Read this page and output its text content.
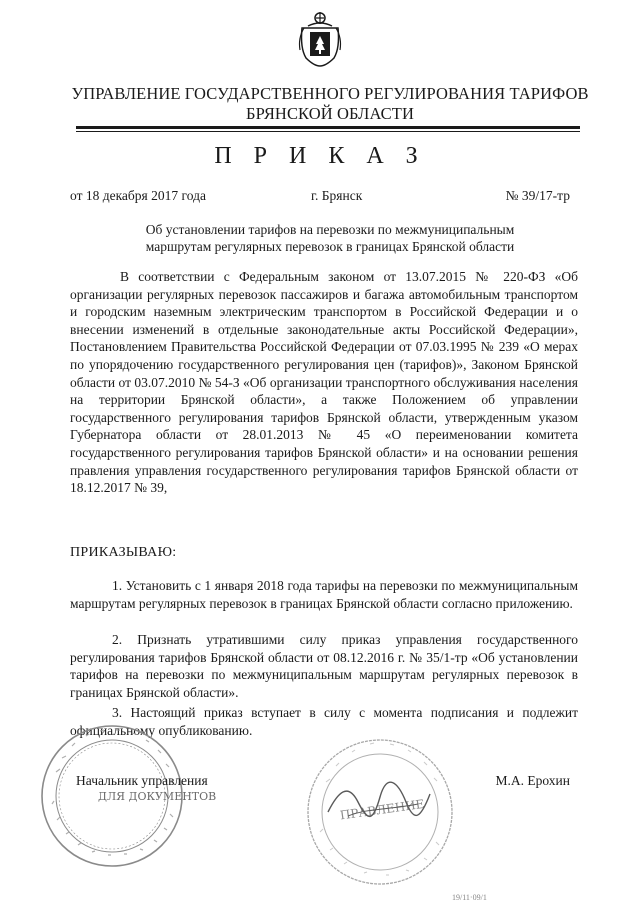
УПРАВЛЕНИЕ ГОСУДАРСТВЕННОГО РЕГУЛИРОВАНИЯ ТАРИФОВ
БРЯНСКОЙ ОБЛАСТИ
П Р И К А З
от 18 декабря 2017 года	г. Брянск	№ 39/17-тр
Об установлении тарифов на перевозки по межмуниципальным
маршрутам регулярных перевозок в границах Брянской области

В соответствии с Федеральным законом от 13.07.2015 № 220-ФЗ «Об организации регулярных перевозок пассажиров и багажа автомобильным транспортом и городским наземным электрическим транспортом в Российской Федерации и о внесении изменений в отдельные законодательные акты Российской Федерации», Постановлением Правительства Российской Федерации от 07.03.1995 № 239 «О мерах по упорядочению государственного регулирования цен (тарифов)», Законом Брянской области от 03.07.2010 № 54-З «Об организации транспортного обслуживания населения на территории Брянской области», а также Положением об управлении государственного регулирования тарифов Брянской области, утвержденным указом Губернатора области от 28.01.2013 № 45 «О переименовании комитета государственного регулирования тарифов Брянской области» и на основании решения правления управления государственного регулирования тарифов Брянской области от 18.12.2017 № 39,

ПРИКАЗЫВАЮ:

1. Установить с 1 января 2018 года тарифы на перевозки по межмуниципальным маршрутам регулярных перевозок в границах Брянской области согласно приложению.

2. Признать утратившими силу приказ управления государственного регулирования тарифов Брянской области от 08.12.2016 г. № 35/1-тр «Об установлении тарифов на перевозки по межмуниципальным маршрутам регулярных перевозок в границах Брянской области».

3. Настоящий приказ вступает в силу с момента подписания и подлежит официальному опубликованию.

ДЛЯ ДОКУМЕНТОВ
ПРАВЛЕНИЕ
Начальник управления	М.А. Ерохин
19/11·09/1
